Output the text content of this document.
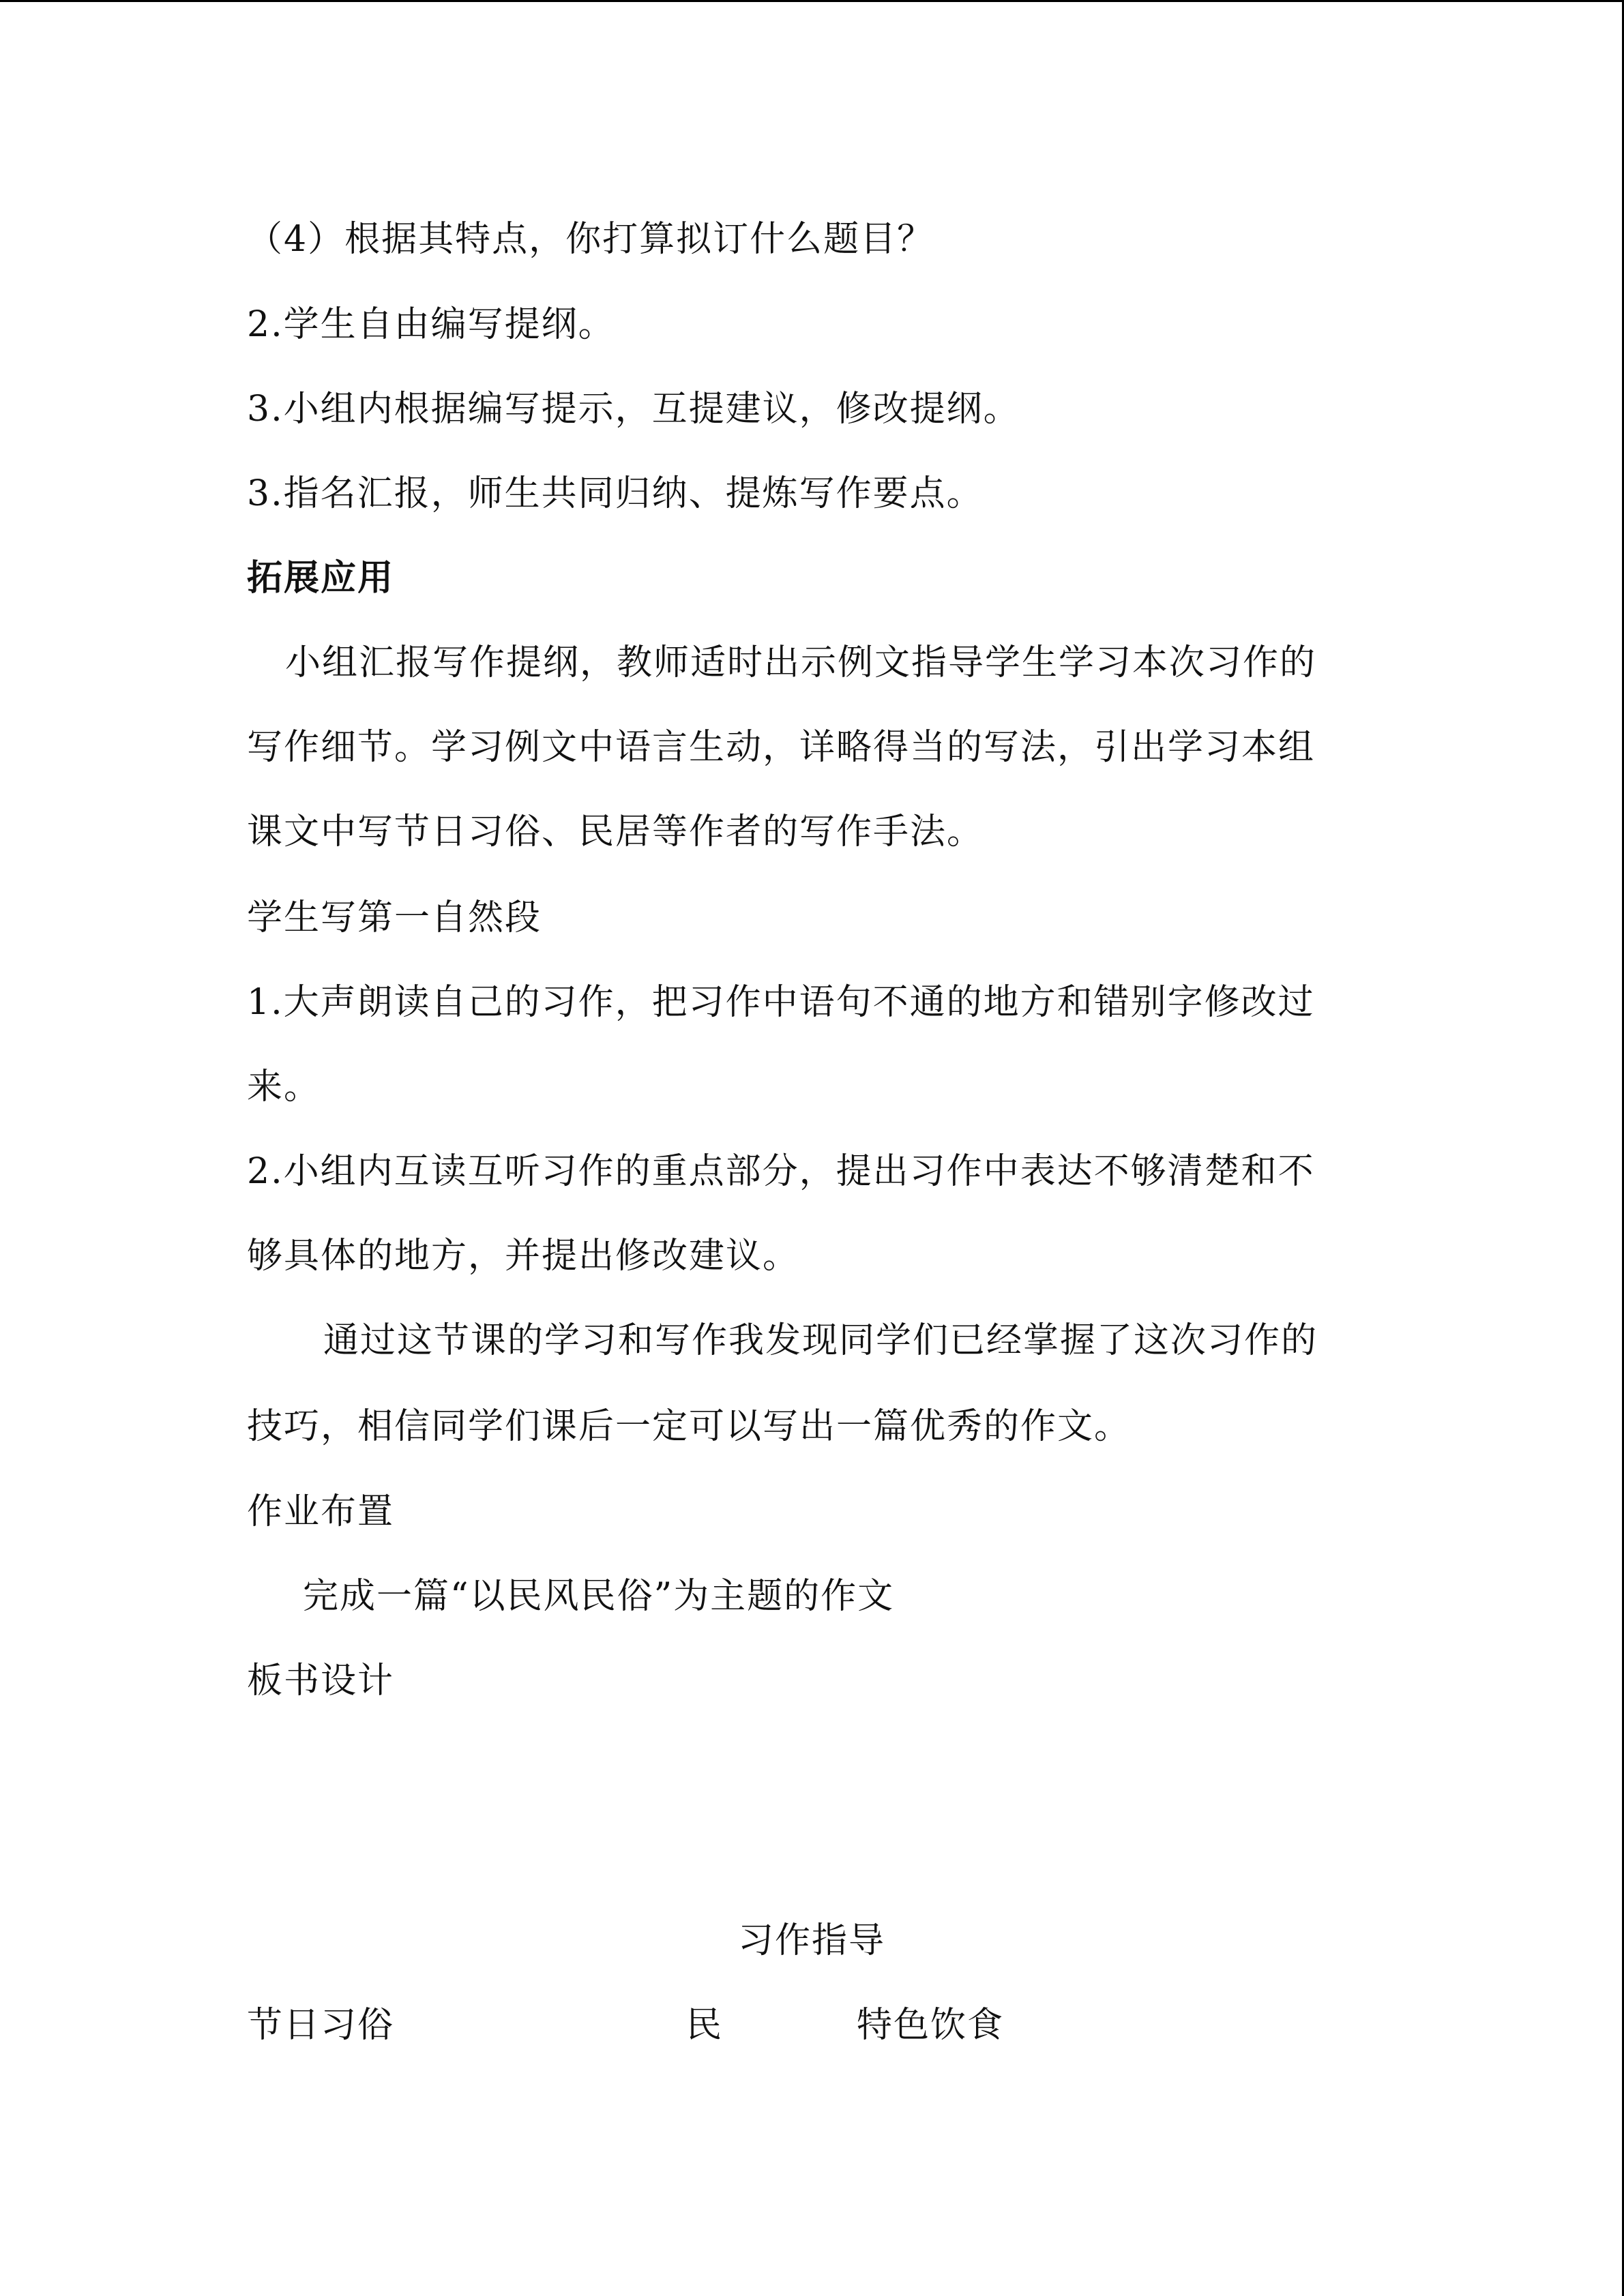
（4）根据其特点，你打算拟订什么题目？
2.学生自由编写提纲。
3.小组内根据编写提示，互提建议，修改提纲。
3.指名汇报，师生共同归纳、提炼写作要点。
拓展应用
小组汇报写作提纲，教师适时出示例文指导学生学习本次习作的
写作细节。学习例文中语言生动，详略得当的写法，引出学习本组
课文中写节日习俗、民居等作者的写作手法。
学生写第一自然段
1.大声朗读自己的习作，把习作中语句不通的地方和错别字修改过
来。
2.小组内互读互听习作的重点部分，提出习作中表达不够清楚和不
够具体的地方，并提出修改建议。
通过这节课的学习和写作我发现同学们已经掌握了这次习作的
技巧，相信同学们课后一定可以写出一篇优秀的作文。
作业布置
完成一篇“以民风民俗”为主题的作文
板书设计
习作指导
节日习俗	民	特色饮食
